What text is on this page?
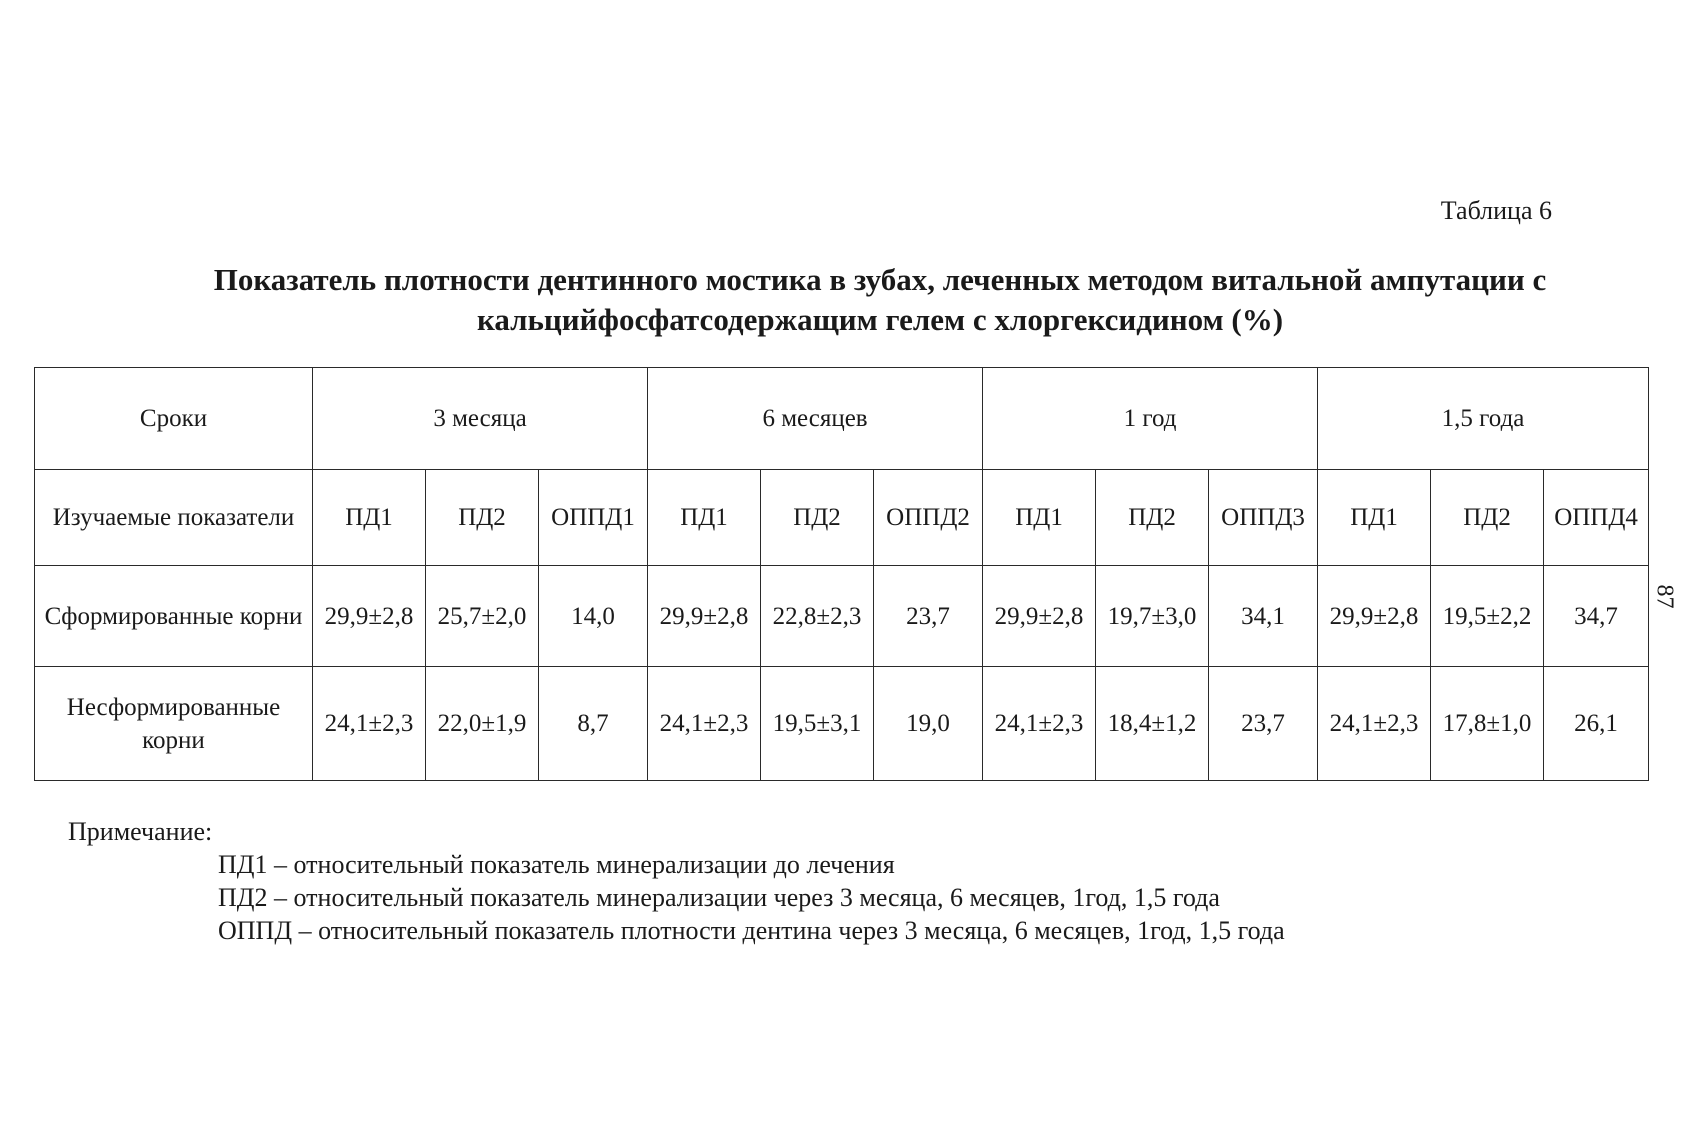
Таблица 6
Показатель плотности дентинного мостика в зубах, леченных методом витальной ампутации с
кальцийфосфатсодержащим гелем с хлоргексидином (%)
Сроки	3 месяца			6 месяцев			1 год			1,5 года		
Изучаемые показатели	ПД1	ПД2	ОППД1	ПД1	ПД2	ОППД2	ПД1	ПД2	ОППД3	ПД1	ПД2	ОППД4
Сформированные корни	29,9±2,8	25,7±2,0	14,0	29,9±2,8	22,8±2,3	23,7	29,9±2,8	19,7±3,0	34,1	29,9±2,8	19,5±2,2	34,7
Несформированные корни	24,1±2,3	22,0±1,9	8,7	24,1±2,3	19,5±3,1	19,0	24,1±2,3	18,4±1,2	23,7	24,1±2,3	17,8±1,0	26,1
87
Примечание:
ПД1 – относительный показатель минерализации до лечения
ПД2 – относительный показатель минерализации через 3 месяца, 6 месяцев, 1год, 1,5 года
ОППД – относительный показатель плотности дентина через 3 месяца, 6 месяцев, 1год, 1,5 года
